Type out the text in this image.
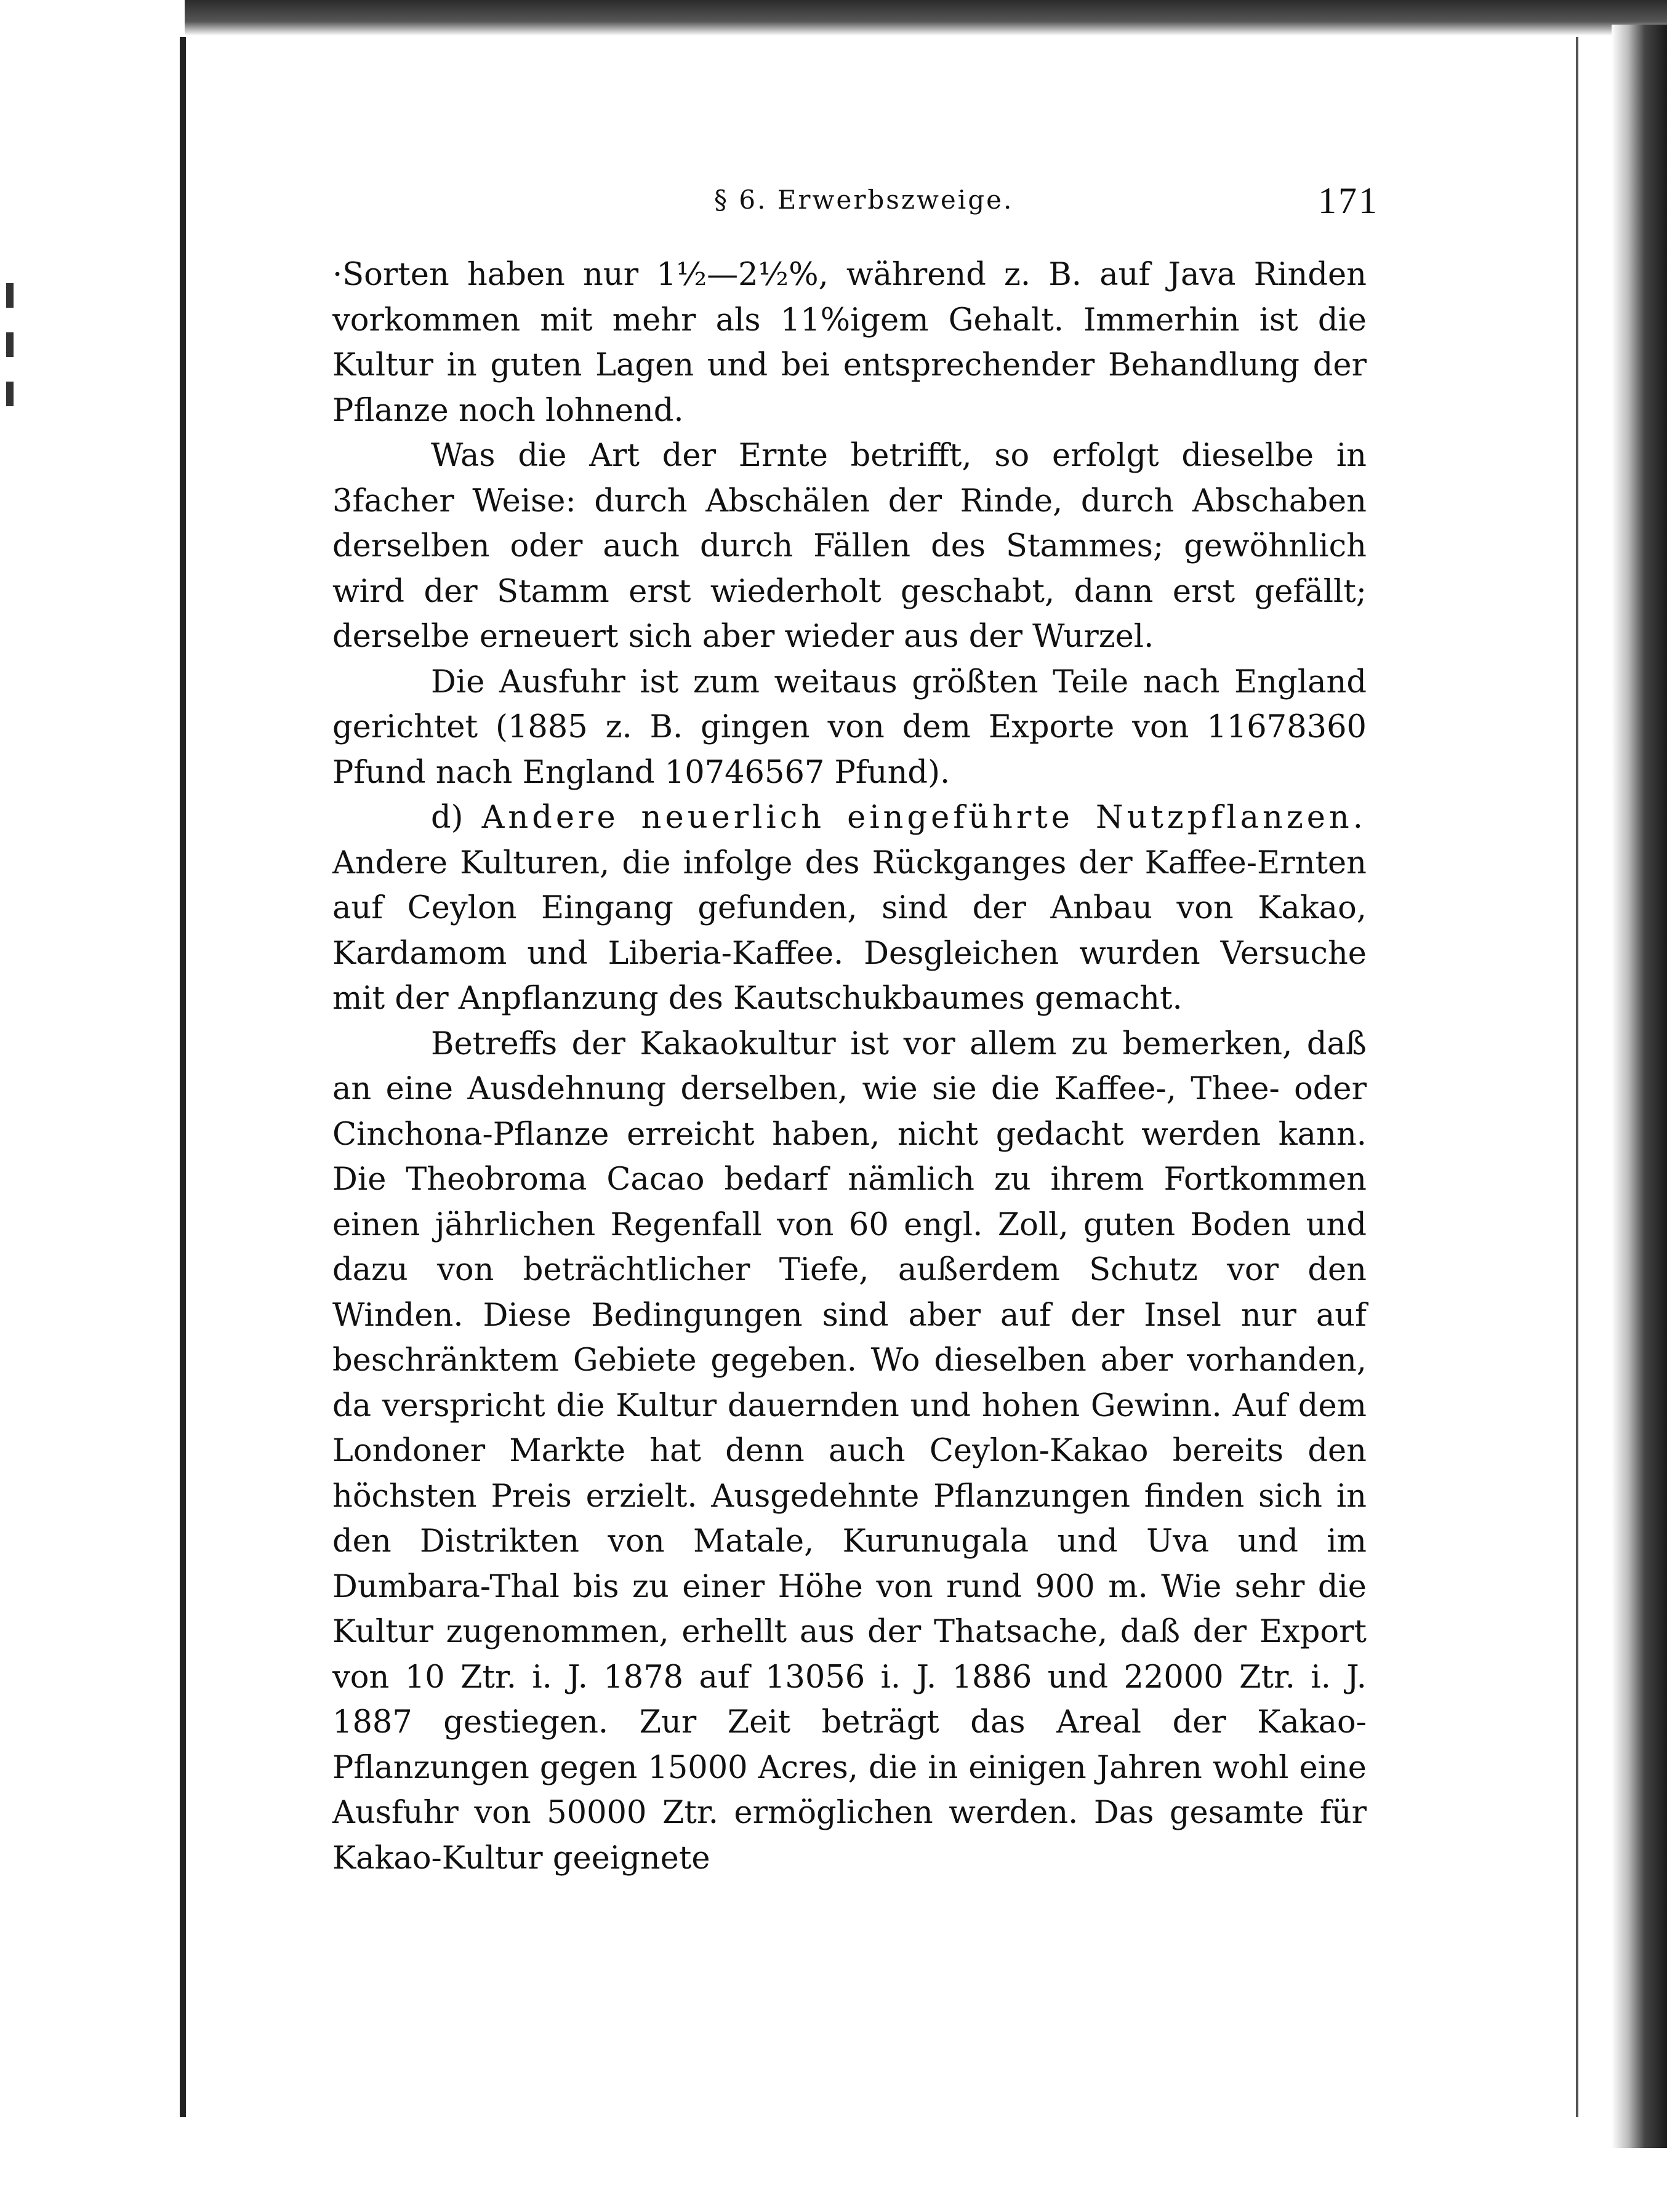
§ 6. Erwerbszweige.	171

·Sorten haben nur 1½—2½%, während z. B. auf Java Rinden vorkommen mit mehr als 11%igem Gehalt. Immerhin ist die Kultur in guten Lagen und bei entsprechender Behandlung der Pflanze noch lohnend.

Was die Art der Ernte betrifft, so erfolgt dieselbe in 3facher Weise: durch Abschälen der Rinde, durch Abschaben derselben oder auch durch Fällen des Stammes; gewöhnlich wird der Stamm erst wiederholt geschabt, dann erst gefällt; derselbe erneuert sich aber wieder aus der Wurzel.

Die Ausfuhr ist zum weitaus größten Teile nach England gerichtet (1885 z. B. gingen von dem Exporte von 11678360 Pfund nach England 10746567 Pfund).

d) Andere neuerlich eingeführte Nutzpflanzen. Andere Kulturen, die infolge des Rückganges der Kaffee-Ernten auf Ceylon Eingang gefunden, sind der Anbau von Kakao, Kardamom und Liberia-Kaffee. Desgleichen wurden Versuche mit der Anpflanzung des Kautschukbaumes gemacht.

Betreffs der Kakaokultur ist vor allem zu bemerken, daß an eine Ausdehnung derselben, wie sie die Kaffee-, Thee- oder Cinchona-Pflanze erreicht haben, nicht gedacht werden kann. Die Theobroma Cacao bedarf nämlich zu ihrem Fortkommen einen jährlichen Regenfall von 60 engl. Zoll, guten Boden und dazu von beträchtlicher Tiefe, außerdem Schutz vor den Winden. Diese Bedingungen sind aber auf der Insel nur auf beschränktem Gebiete gegeben. Wo dieselben aber vorhanden, da verspricht die Kultur dauernden und hohen Gewinn. Auf dem Londoner Markte hat denn auch Ceylon-Kakao bereits den höchsten Preis erzielt. Ausgedehnte Pflanzungen finden sich in den Distrikten von Matale, Kurunugala und Uva und im Dumbara-Thal bis zu einer Höhe von rund 900 m. Wie sehr die Kultur zugenommen, erhellt aus der Thatsache, daß der Export von 10 Ztr. i. J. 1878 auf 13056 i. J. 1886 und 22000 Ztr. i. J. 1887 gestiegen. Zur Zeit beträgt das Areal der Kakao-Pflanzungen gegen 15000 Acres, die in einigen Jahren wohl eine Ausfuhr von 50000 Ztr. ermöglichen werden. Das gesamte für Kakao-Kultur geeignete
